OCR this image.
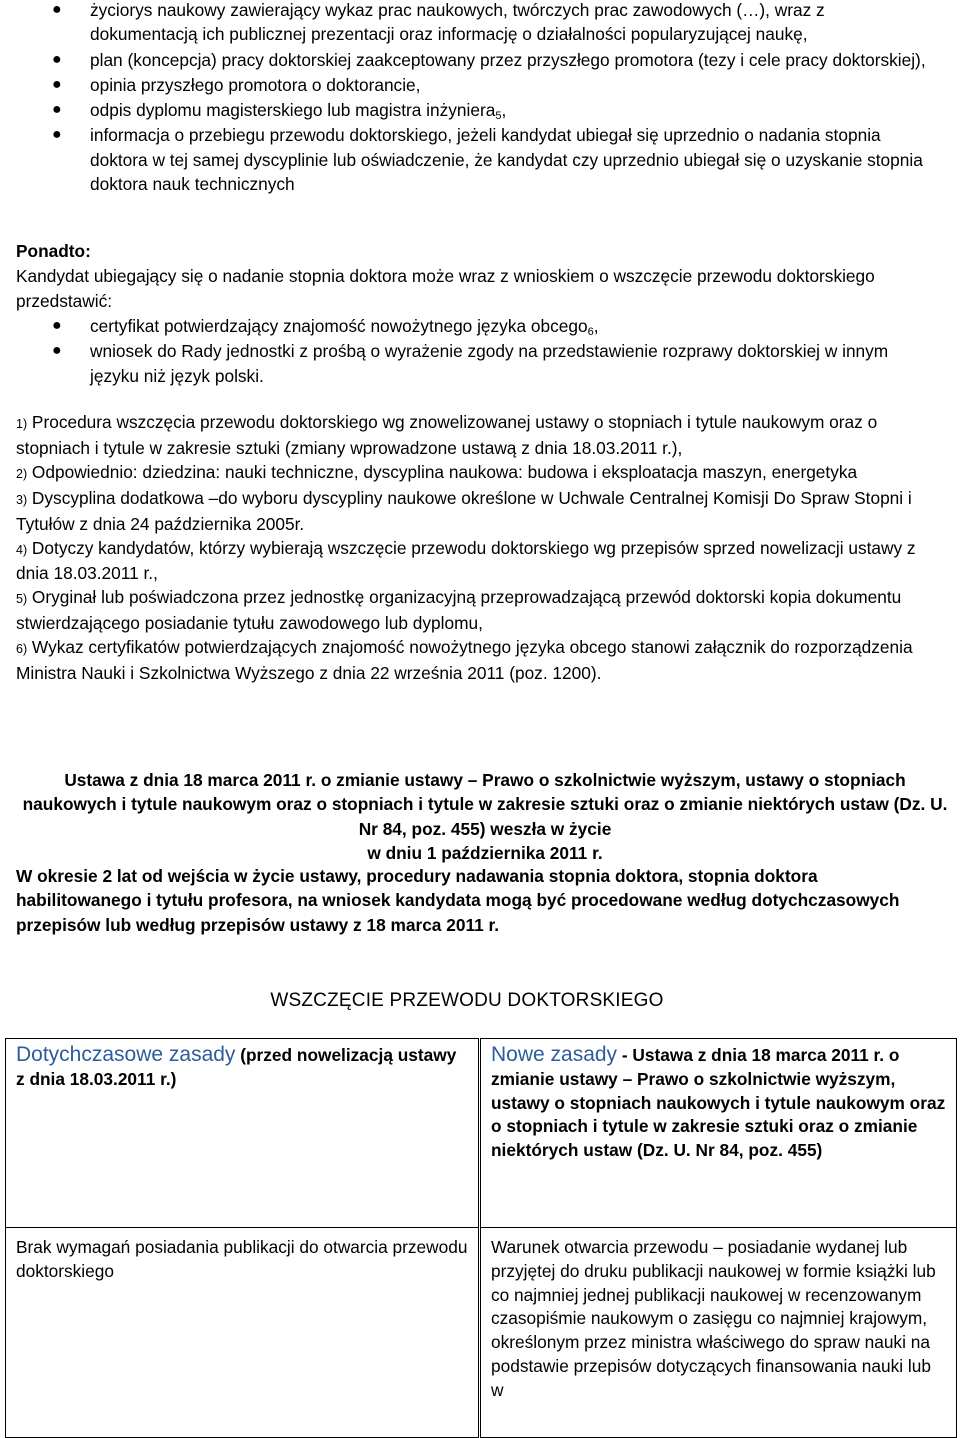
● życiorys naukowy zawierający wykaz prac naukowych, twórczych prac zawodowych (…), wraz z dokumentacją ich publicznej prezentacji oraz informację o działalności popularyzującej naukę,
● plan (koncepcja) pracy doktorskiej zaakceptowany przez przyszłego promotora (tezy i cele pracy doktorskiej),
● opinia przyszłego promotora o doktorancie,
● odpis dyplomu magisterskiego lub magistra inżyniera$_5$,
● informacja o przebiegu przewodu doktorskiego, jeżeli kandydat ubiegał się uprzednio o nadania stopnia doktora w tej samej dyscyplinie lub oświadczenie, że kandydat czy uprzednio ubiegał się o uzyskanie stopnia doktora nauk technicznych
Ponadto:
Kandydat ubiegający się o nadanie stopnia doktora może wraz z wnioskiem o wszczęcie przewodu doktorskiego przedstawić:
● certyfikat potwierdzający znajomość nowożytnego języka obcego$_6$,
● wniosek do Rady jednostki z prośbą o wyrażenie zgody na przedstawienie rozprawy doktorskiej w innym języku niż język polski.
1) Procedura wszczęcia przewodu doktorskiego wg znowelizowanej ustawy o stopniach i tytule naukowym oraz o stopniach i tytule w zakresie sztuki (zmiany wprowadzone ustawą z dnia 18.03.2011 r.),
2) Odpowiednio: dziedzina: nauki techniczne, dyscyplina naukowa: budowa i eksploatacja maszyn, energetyka
3) Dyscyplina dodatkowa –do wyboru dyscypliny naukowe określone w Uchwale Centralnej Komisji Do Spraw Stopni i Tytułów z dnia 24 października 2005r.
4) Dotyczy kandydatów, którzy wybierają wszczęcie przewodu doktorskiego wg przepisów sprzed nowelizacji ustawy z dnia 18.03.2011 r.,
5) Oryginał lub poświadczona przez jednostkę organizacyjną przeprowadzającą przewód doktorski kopia dokumentu stwierdzającego posiadanie tytułu zawodowego lub dyplomu,
6) Wykaz certyfikatów potwierdzających znajomość nowożytnego języka obcego stanowi załącznik do rozporządzenia Ministra Nauki i Szkolnictwa Wyższego z dnia 22 września 2011 (poz. 1200).
Ustawa z dnia 18 marca 2011 r. o zmianie ustawy – Prawo o szkolnictwie wyższym, ustawy o stopniach naukowych i tytule naukowym oraz o stopniach i tytule w zakresie sztuki oraz o zmianie niektórych ustaw (Dz. U. Nr 84, poz. 455) weszła w życie
w dniu 1 października 2011 r.
W okresie 2 lat od wejścia w życie ustawy, procedury nadawania stopnia doktora, stopnia doktora habilitowanego i tytułu profesora, na wniosek kandydata mogą być procedowane według dotychczasowych przepisów lub według przepisów ustawy z 18 marca 2011 r.
WSZCZĘCIE PRZEWODU DOKTORSKIEGO
Dotychczasowe zasady (przed nowelizacją ustawy z dnia 18.03.2011 r.)
Nowe zasady - Ustawa z dnia 18 marca 2011 r. o zmianie ustawy – Prawo o szkolnictwie wyższym, ustawy o stopniach naukowych i tytule naukowym oraz o stopniach i tytule w zakresie sztuki oraz o zmianie niektórych ustaw (Dz. U. Nr 84, poz. 455)
Brak wymagań posiadania publikacji do otwarcia przewodu doktorskiego
Warunek otwarcia przewodu – posiadanie wydanej lub przyjętej do druku publikacji naukowej w formie książki lub co najmniej jednej publikacji naukowej w recenzowanym czasopiśmie naukowym o zasięgu co najmniej krajowym, określonym przez ministra właściwego do spraw nauki na podstawie przepisów dotyczących finansowania nauki lub w
